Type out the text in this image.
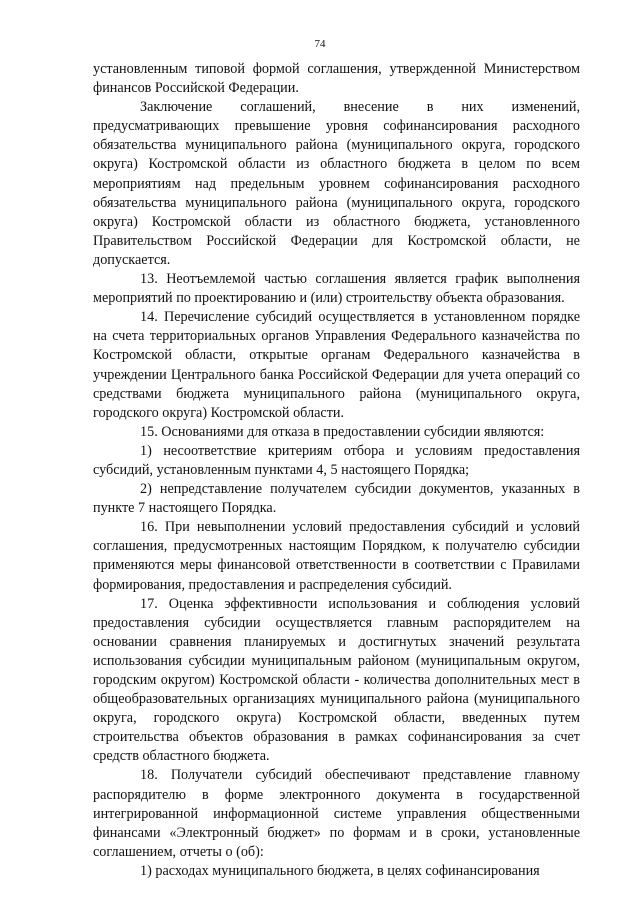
74

установленным типовой формой соглашения, утвержденной Министерством финансов Российской Федерации.

Заключение соглашений, внесение в них изменений, предусматривающих превышение уровня софинансирования расходного обязательства муниципального района (муниципального округа, городского округа) Костромской области из областного бюджета в целом по всем мероприятиям над предельным уровнем софинансирования расходного обязательства муниципального района (муниципального округа, городского округа) Костромской области из областного бюджета, установленного Правительством Российской Федерации для Костромской области, не допускается.

13. Неотъемлемой частью соглашения является график выполнения мероприятий по проектированию и (или) строительству объекта образования.

14. Перечисление субсидий осуществляется в установленном порядке на счета территориальных органов Управления Федерального казначейства по Костромской области, открытые органам Федерального казначейства в учреждении Центрального банка Российской Федерации для учета операций со средствами бюджета муниципального района (муниципального округа, городского округа) Костромской области.

15. Основаниями для отказа в предоставлении субсидии являются:

1) несоответствие критериям отбора и условиям предоставления субсидий, установленным пунктами 4, 5 настоящего Порядка;

2) непредставление получателем субсидии документов, указанных в пункте 7 настоящего Порядка.

16. При невыполнении условий предоставления субсидий и условий соглашения, предусмотренных настоящим Порядком, к получателю субсидии применяются меры финансовой ответственности в соответствии с Правилами формирования, предоставления и распределения субсидий.

17. Оценка эффективности использования и соблюдения условий предоставления субсидии осуществляется главным распорядителем на основании сравнения планируемых и достигнутых значений результата использования субсидии муниципальным районом (муниципальным округом, городским округом) Костромской области - количества дополнительных мест в общеобразовательных организациях муниципального района (муниципального округа, городского округа) Костромской области, введенных путем строительства объектов образования в рамках софинансирования за счет средств областного бюджета.

18. Получатели субсидий обеспечивают представление главному распорядителю в форме электронного документа в государственной интегрированной информационной системе управления общественными финансами «Электронный бюджет» по формам и в сроки, установленные соглашением, отчеты о (об):

1) расходах муниципального бюджета, в целях софинансирования
